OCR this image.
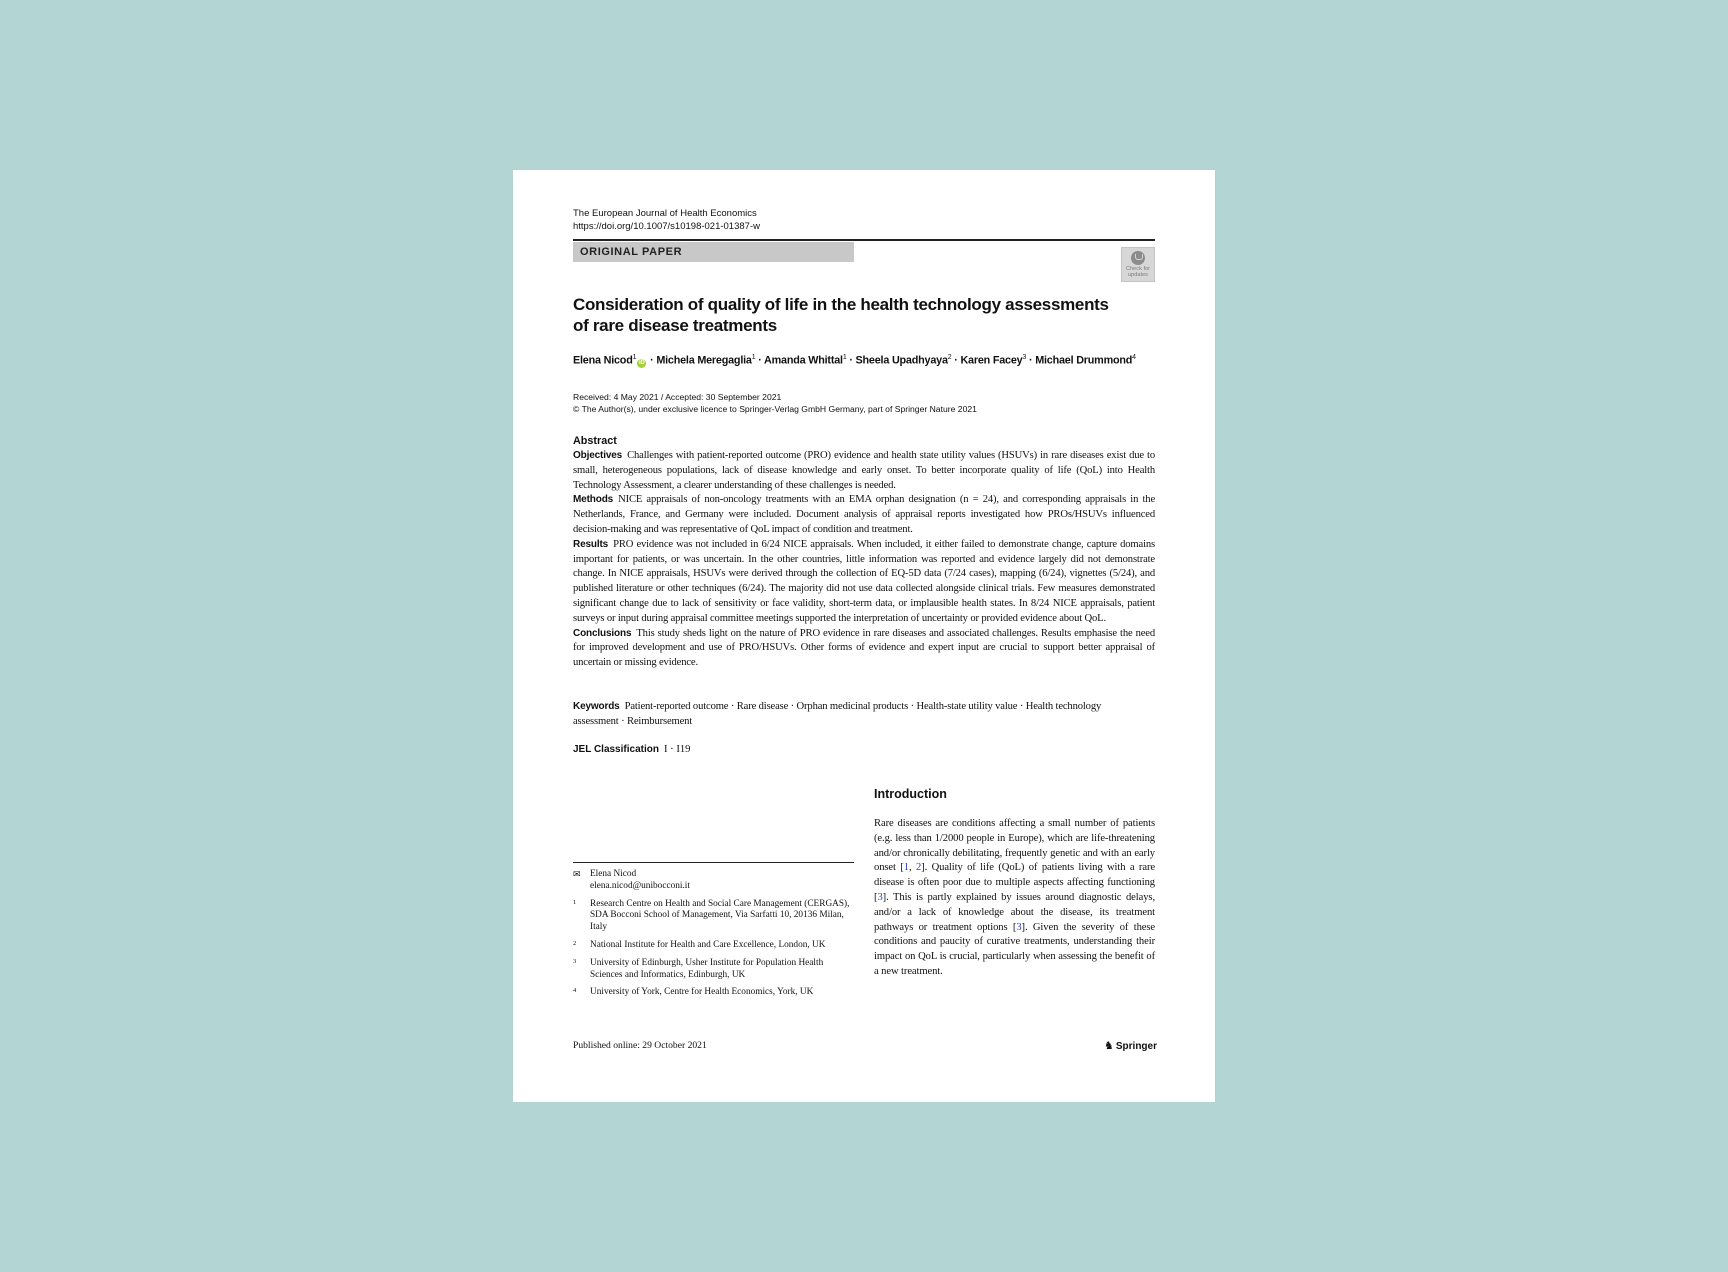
The European Journal of Health Economics
https://doi.org/10.1007/s10198-021-01387-w
ORIGINAL PAPER
Check for
updates
Consideration of quality of life in the health technology assessments
of rare disease treatments
Elena Nicod$^1$iD · Michela Meregaglia$^1$ · Amanda Whittal$^1$ · Sheela Upadhyaya$^2$ · Karen Facey$^3$ · Michael Drummond$^4$
Received: 4 May 2021 / Accepted: 30 September 2021
© The Author(s), under exclusive licence to Springer-Verlag GmbH Germany, part of Springer Nature 2021
Abstract

Objectives Challenges with patient-reported outcome (PRO) evidence and health state utility values (HSUVs) in rare diseases exist due to small, heterogeneous populations, lack of disease knowledge and early onset. To better incorporate quality of life (QoL) into Health Technology Assessment, a clearer understanding of these challenges is needed.

Methods NICE appraisals of non-oncology treatments with an EMA orphan designation (n = 24), and corresponding appraisals in the Netherlands, France, and Germany were included. Document analysis of appraisal reports investigated how PROs/HSUVs influenced decision-making and was representative of QoL impact of condition and treatment.

Results PRO evidence was not included in 6/24 NICE appraisals. When included, it either failed to demonstrate change, capture domains important for patients, or was uncertain. In the other countries, little information was reported and evidence largely did not demonstrate change. In NICE appraisals, HSUVs were derived through the collection of EQ-5D data (7/24 cases), mapping (6/24), vignettes (5/24), and published literature or other techniques (6/24). The majority did not use data collected alongside clinical trials. Few measures demonstrated significant change due to lack of sensitivity or face validity, short-term data, or implausible health states. In 8/24 NICE appraisals, patient surveys or input during appraisal committee meetings supported the interpretation of uncertainty or provided evidence about QoL.

Conclusions This study sheds light on the nature of PRO evidence in rare diseases and associated challenges. Results emphasise the need for improved development and use of PRO/HSUVs. Other forms of evidence and expert input are crucial to support better appraisal of uncertain or missing evidence.

Keywords Patient-reported outcome · Rare disease · Orphan medicinal products · Health-state utility value · Health technology assessment · Reimbursement
JEL Classification I · I19
Introduction
Rare diseases are conditions affecting a small number of patients (e.g. less than 1/2000 people in Europe), which are life-threatening and/or chronically debilitating, frequently genetic and with an early onset [1, 2]. Quality of life (QoL) of patients living with a rare disease is often poor due to multiple aspects affecting functioning [3]. This is partly explained by issues around diagnostic delays, and/or a lack of knowledge about the disease, its treatment pathways or treatment options [3]. Given the severity of these conditions and paucity of curative treatments, understanding their impact on QoL is crucial, particularly when assessing the benefit of a new treatment.
✉ Elena Nicod
elena.nicod@unibocconi.it
1 Research Centre on Health and Social Care Management (CERGAS), SDA Bocconi School of Management, Via Sarfatti 10, 20136 Milan, Italy
2 National Institute for Health and Care Excellence, London, UK
3 University of Edinburgh, Usher Institute for Population Health Sciences and Informatics, Edinburgh, UK
4 University of York, Centre for Health Economics, York, UK
Published online: 29 October 2021	♞ Springer
